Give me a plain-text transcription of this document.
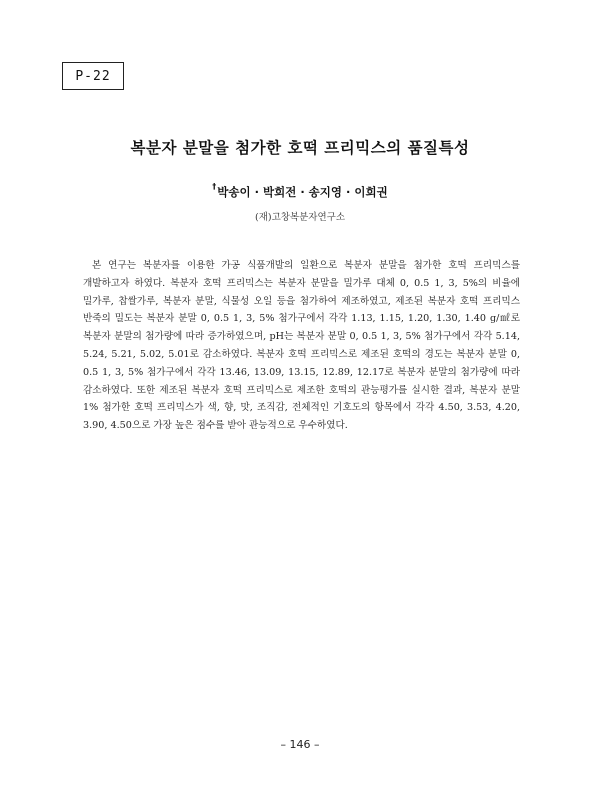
P-22
복분자 분말을 첨가한 호떡 프리믹스의 품질특성
†박송이 · 박희전 · 송지영 · 이희권
(재)고창복분자연구소

본 연구는 복분자를 이용한 가공 식품개발의 일환으로 복분자 분말을 첨가한 호떡 프리믹스를 개발하고자 하였다. 복분자 호떡 프리믹스는 복분자 분말을 밀가루 대체 0, 0.5 1, 3, 5%의 비율에 밀가루, 찹쌀가루, 복분자 분말, 식물성 오일 등을 첨가하여 제조하였고, 제조된 복분자 호떡 프리믹스 반죽의 밀도는 복분자 분말 0, 0.5 1, 3, 5% 첨가구에서 각각 1.13, 1.15, 1.20, 1.30, 1.40 g/㎖로 복분자 분말의 첨가량에 따라 증가하였으며, pH는 복분자 분말 0, 0.5 1, 3, 5% 첨가구에서 각각 5.14, 5.24, 5.21, 5.02, 5.01로 감소하였다. 복분자 호떡 프리믹스로 제조된 호떡의 경도는 복분자 분말 0, 0.5 1, 3, 5% 첨가구에서 각각 13.46, 13.09, 13.15, 12.89, 12.17로 복분자 분말의 첨가량에 따라 감소하였다. 또한 제조된 복분자 호떡 프리믹스로 제조한 호떡의 관능평가를 실시한 결과, 복분자 분말 1% 첨가한 호떡 프리믹스가 색, 향, 맛, 조직감, 전체적인 기호도의 항목에서 각각 4.50, 3.53, 4.20, 3.90, 4.50으로 가장 높은 점수를 받아 관능적으로 우수하였다.

– 146 –
